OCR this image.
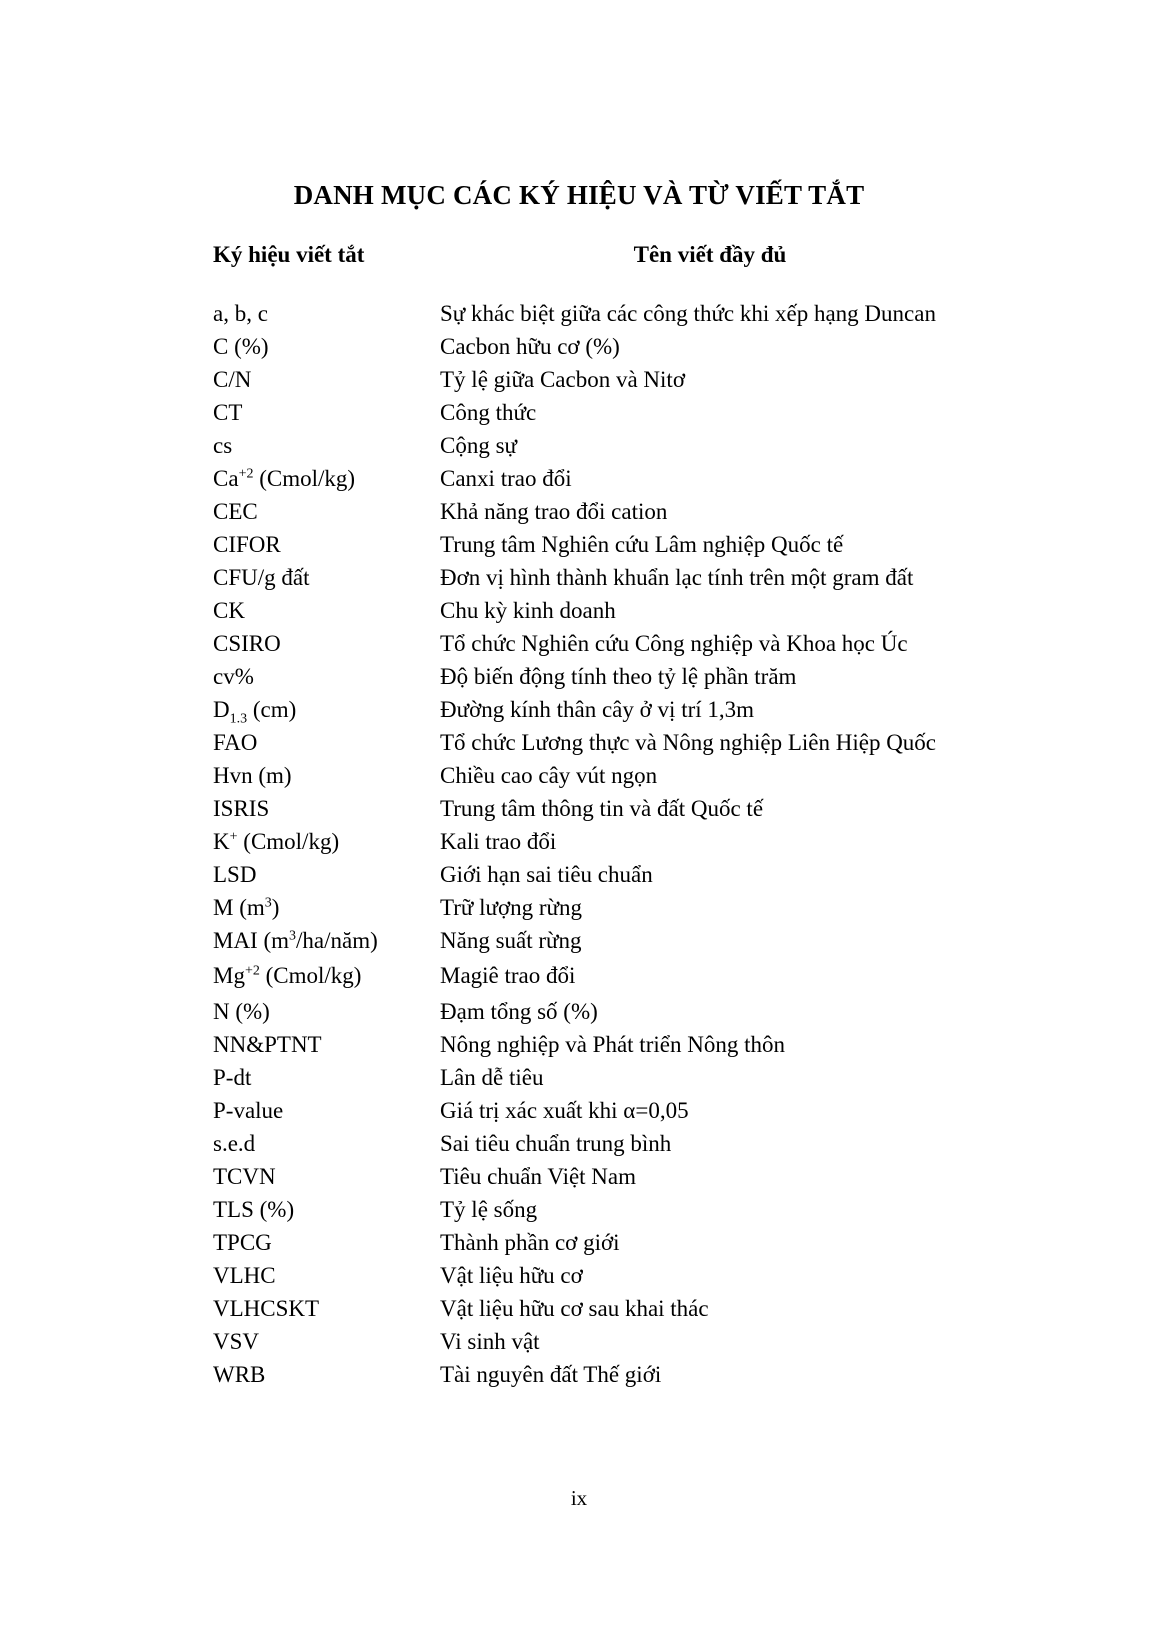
DANH MỤC CÁC KÝ HIỆU VÀ TỪ VIẾT TẮT
Ký hiệu viết tắt	Tên viết đầy đủ
a, b, c	Sự khác biệt giữa các công thức khi xếp hạng Duncan
C (%)	Cacbon hữu cơ (%)
C/N	Tỷ lệ giữa Cacbon và Nitơ
CT	Công thức
cs	Cộng sự
$Ca^{+2}$ (Cmol/kg)	Canxi trao đổi
CEC	Khả năng trao đổi cation
CIFOR	Trung tâm Nghiên cứu Lâm nghiệp Quốc tế
CFU/g đất	Đơn vị hình thành khuẩn lạc tính trên một gram đất
CK	Chu kỳ kinh doanh
CSIRO	Tổ chức Nghiên cứu Công nghiệp và Khoa học Úc
cv%	Độ biến động tính theo tỷ lệ phần trăm
$D_{1.3}$ (cm)	Đường kính thân cây ở vị trí 1,3m
FAO	Tổ chức Lương thực và Nông nghiệp Liên Hiệp Quốc
Hvn (m)	Chiều cao cây vút ngọn
ISRIS	Trung tâm thông tin và đất Quốc tế
K+ (Cmol/kg)	Kali trao đổi
LSD	Giới hạn sai tiêu chuẩn
M $(m^3)$	Trữ lượng rừng
MAI $(m^3/ha/năm)$	Năng suất rừng
$Mg^{+2}$ (Cmol/kg)	Magiê trao đổi
N (%)	Đạm tổng số (%)
NN&PTNT	Nông nghiệp và Phát triển Nông thôn
P-dt	Lân dễ tiêu
P-value	Giá trị xác xuất khi α=0,05
s.e.d	Sai tiêu chuẩn trung bình
TCVN	Tiêu chuẩn Việt Nam
TLS (%)	Tỷ lệ sống
TPCG	Thành phần cơ giới
VLHC	Vật liệu hữu cơ
VLHCSKT	Vật liệu hữu cơ sau khai thác
VSV	Vi sinh vật
WRB	Tài nguyên đất Thế giới
ix
